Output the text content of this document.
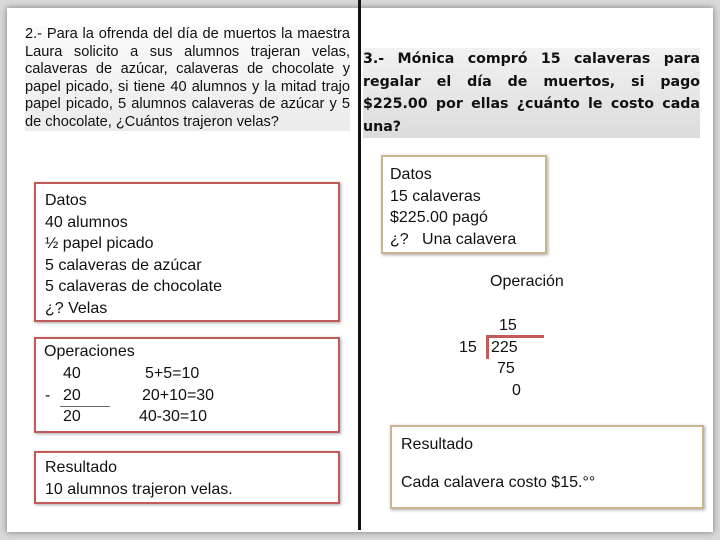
2.- Para la ofrenda del día de muertos la maestra Laura solicito a sus alumnos trajeran velas, calaveras de azúcar, calaveras de chocolate y papel picado, si tiene 40 alumnos y la mitad trajo papel picado, 5 alumnos calaveras de azúcar y 5 de chocolate, ¿Cuántos trajeron velas?
Datos
40 alumnos
½ papel picado
5 calaveras de azúcar
5 calaveras de chocolate
¿? Velas
Operaciones
40
- 20
20
5+5=10
20+10=30
40-30=10
Resultado
10 alumnos trajeron velas.
3.- Mónica compró 15 calaveras para regalar el día de muertos, si pago $225.00 por ellas ¿cuánto le costo cada una?
Datos
15 calaveras
$225.00 pagó
¿?   Una calavera
Operación
15
15 225
75
0
Resultado
Cada calavera costo $15.°°
